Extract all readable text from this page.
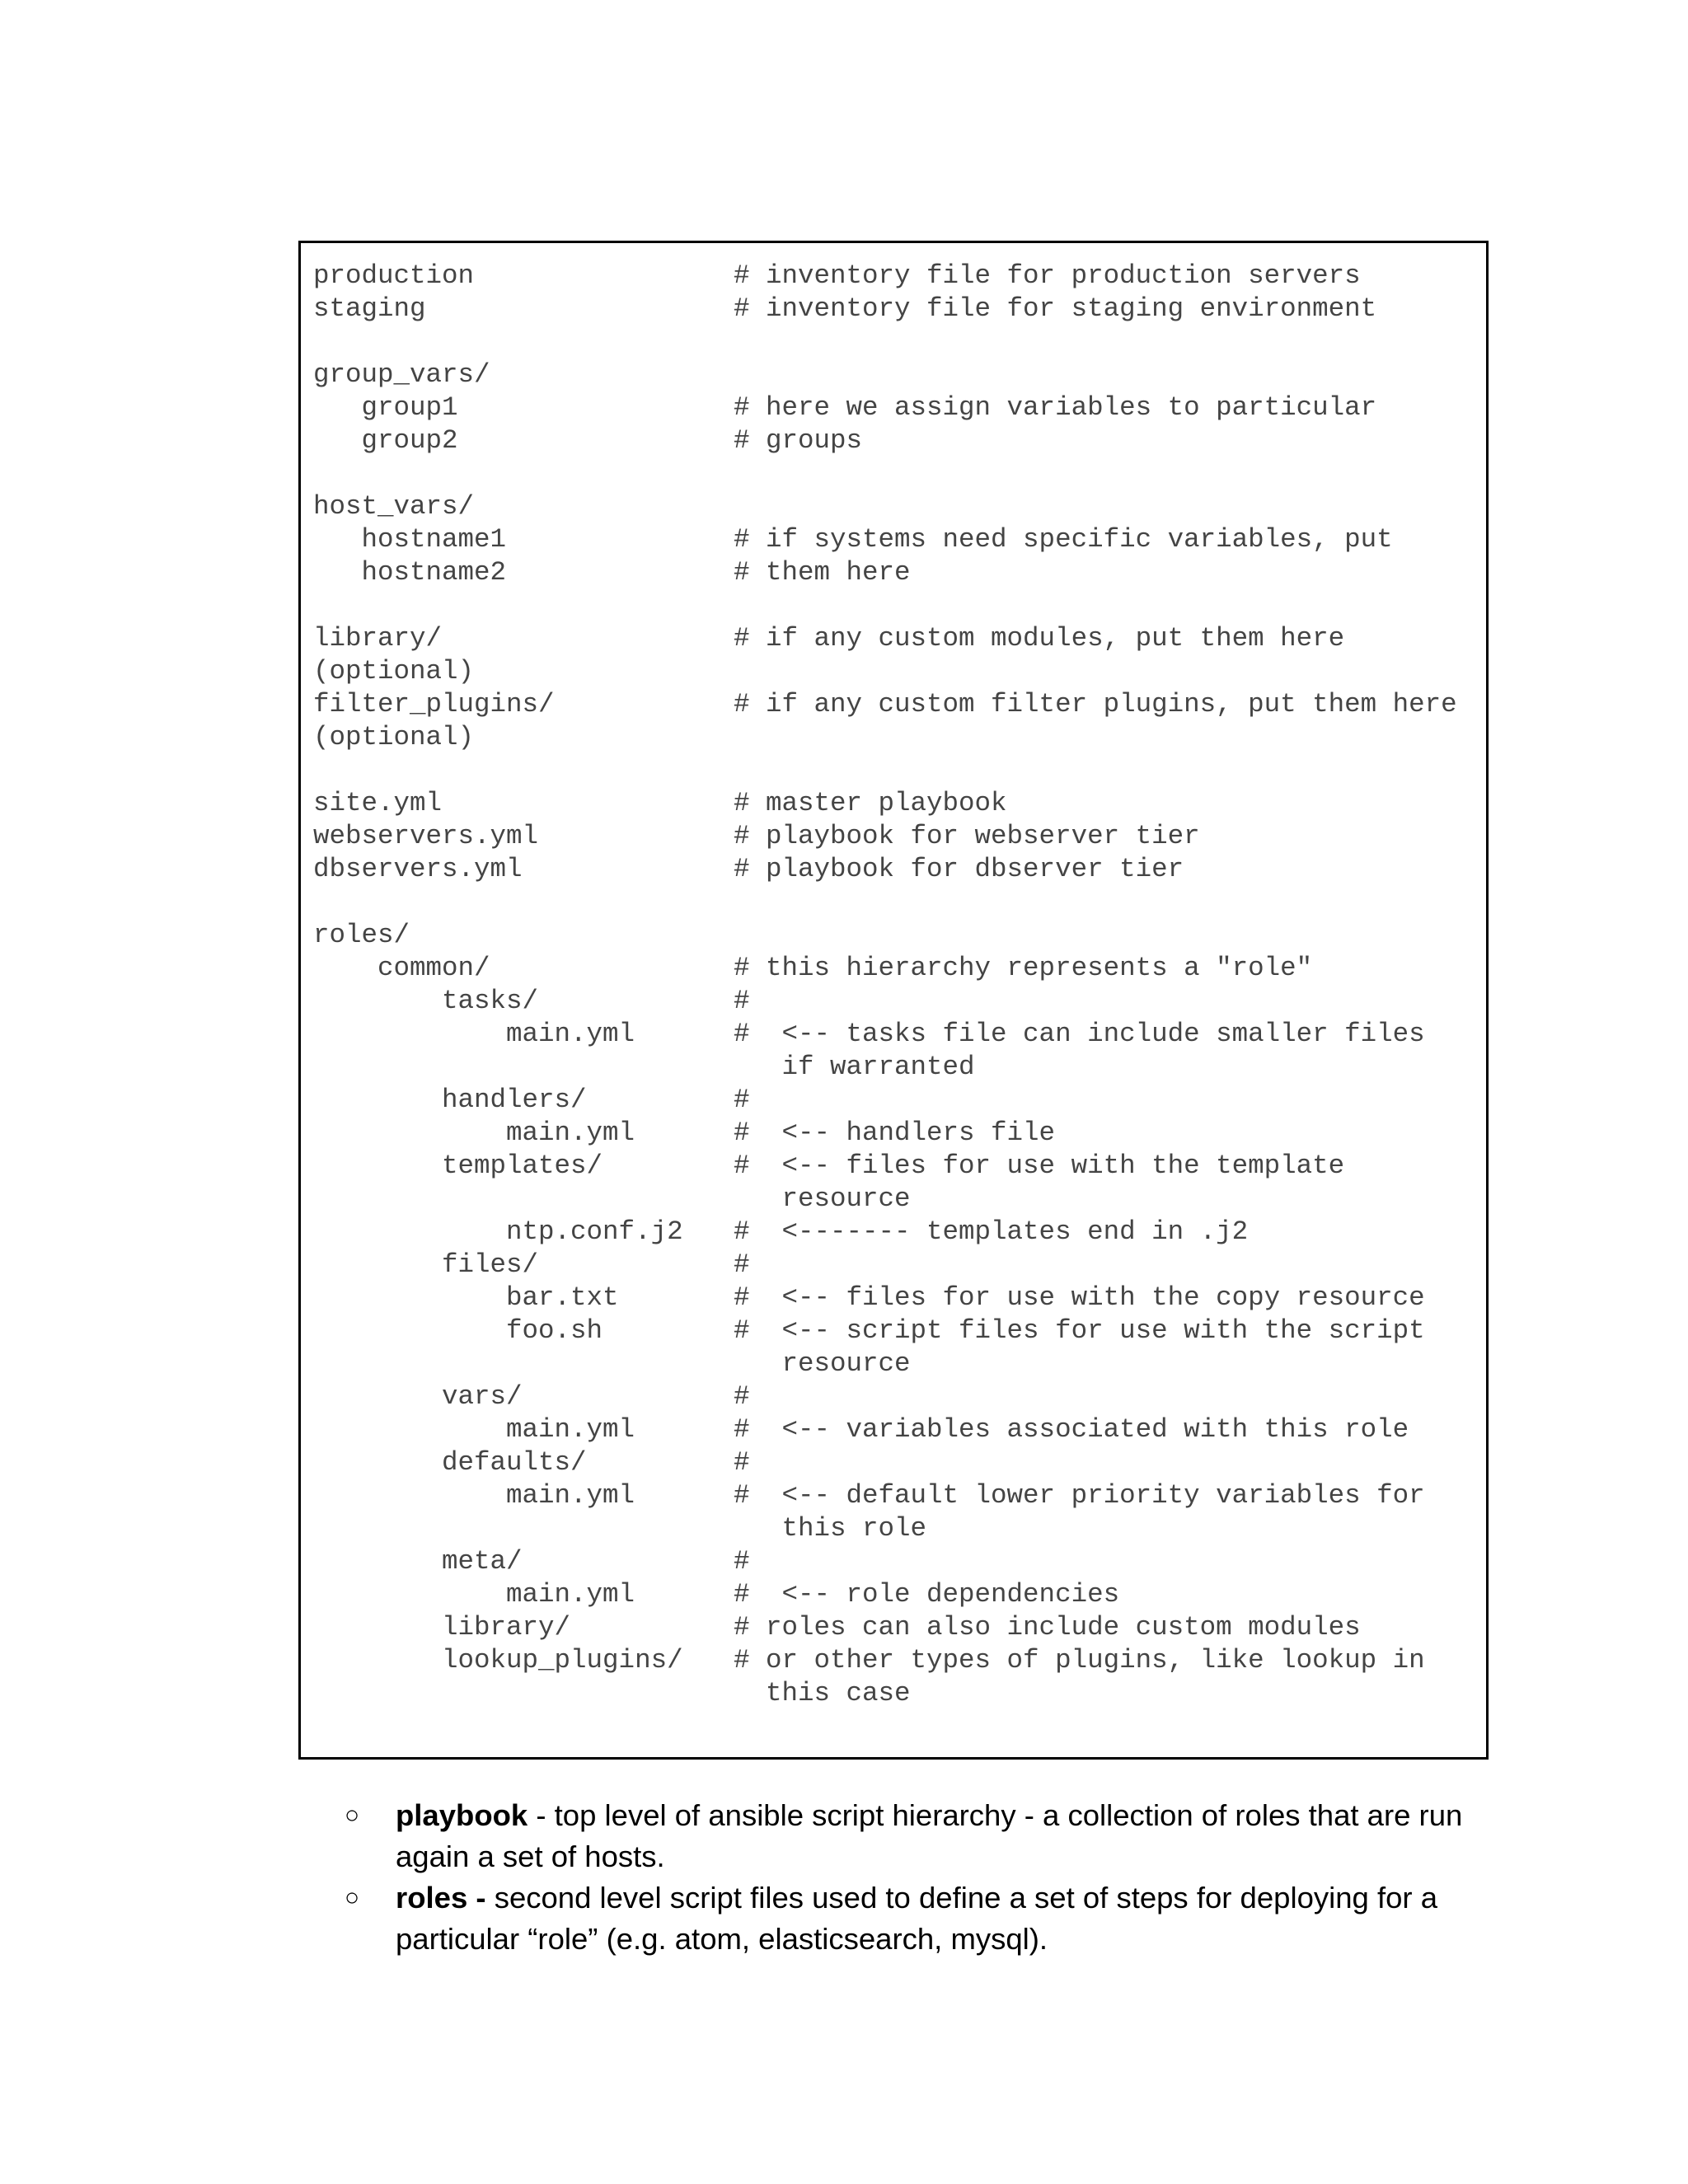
production	# inventory file for production servers
staging	# inventory file for staging environment
group_vars/
group1	# here we assign variables to particular
group2	# groups
host_vars/
hostname1	# if systems need specific variables, put
hostname2	# them here
library/	# if any custom modules, put them here
(optional)
filter_plugins/	# if any custom filter plugins, put them here
(optional)
site.yml	# master playbook
webservers.yml	# playbook for webserver tier
dbservers.yml	# playbook for dbserver tier
roles/
common/	# this hierarchy represents a "role"
tasks/	#
main.yml	#  <-- tasks file can include smaller files
if warranted
handlers/	#
main.yml	#  <-- handlers file
templates/	#  <-- files for use with the template
resource
ntp.conf.j2 #  <------- templates end in .j2
files/	#
bar.txt	#  <-- files for use with the copy resource
foo.sh	#  <-- script files for use with the script
resource
vars/	#
main.yml	#  <-- variables associated with this role
defaults/	#
main.yml	#  <-- default lower priority variables for
this role
meta/	#
main.yml	#  <-- role dependencies
library/	# roles can also include custom modules
lookup_plugins/ # or other types of plugins, like lookup in
this case
○ playbook - top level of ansible script hierarchy - a collection of roles that are run again a set of hosts.
○ roles - second level script files used to define a set of steps for deploying for a particular “role” (e.g. atom, elasticsearch, mysql).
